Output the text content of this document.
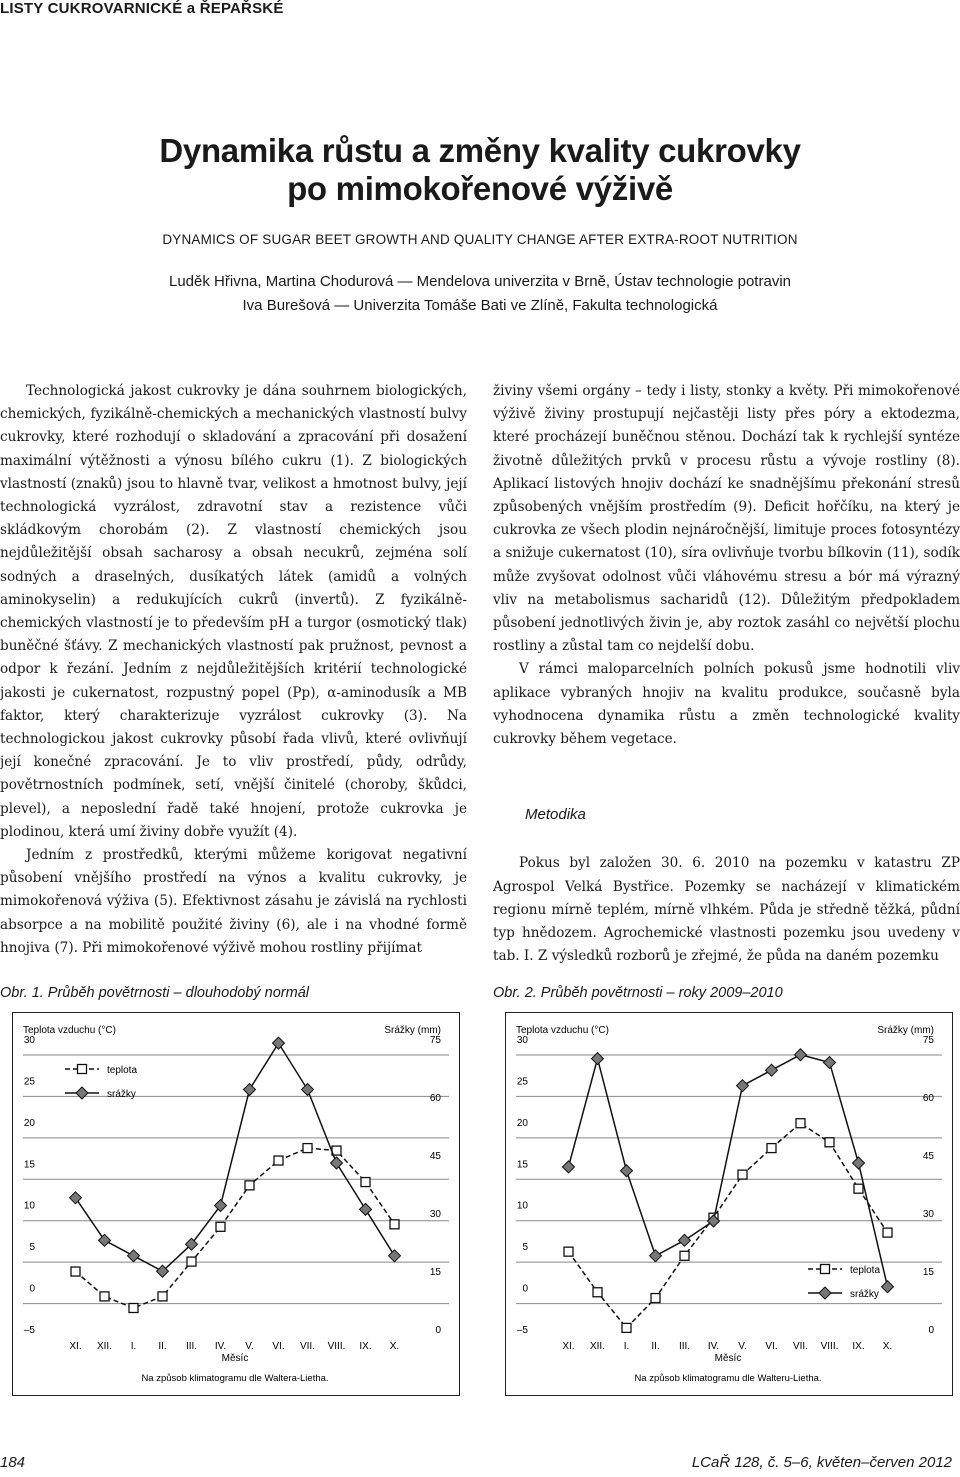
LISTY CUKROVARNICKÉ a ŘEPAŘSKÉ
Dynamika růstu a změny kvality cukrovky
po mimokořenové výživě
DYNAMICS OF SUGAR BEET GROWTH AND QUALITY CHANGE AFTER EXTRA-ROOT NUTRITION
Luděk Hřivna, Martina Chodurová — Mendelova univerzita v Brně, Ústav technologie potravin
Iva Burešová — Univerzita Tomáše Bati ve Zlíně, Fakulta technologická

Technologická jakost cukrovky je dána souhrnem biologických, chemických, fyzikálně-chemických a mechanických vlastností bulvy cukrovky, které rozhodují o skladování a zpracování při dosažení maximální výtěžnosti a výnosu bílého cukru (1). Z biologických vlastností (znaků) jsou to hlavně tvar, velikost a hmotnost bulvy, její technologická vyzrálost, zdravotní stav a rezistence vůči skládkovým chorobám (2). Z vlastností chemických jsou nejdůležitější obsah sacharosy a obsah necukrů, zejména solí sodných a draselných, dusíkatých látek (amidů a volných aminokyselin) a redukujících cukrů (invertů). Z fyzikálně-chemických vlastností je to především pH a turgor (osmotický tlak) buněčné šťávy. Z mechanických vlastností pak pružnost, pevnost a odpor k řezání. Jedním z nejdůležitějších kritérií technologické jakosti je cukernatost, rozpustný popel (Pp), α-aminodusík a MB faktor, který charakterizuje vyzrálost cukrovky (3). Na technologickou jakost cukrovky působí řada vlivů, které ovlivňují její konečné zpracování. Je to vliv prostředí, půdy, odrůdy, povětrnostních podmínek, setí, vnější činitelé (choroby, škůdci, plevel), a neposlední řadě také hnojení, protože cukrovka je plodinou, která umí živiny dobře využít (4).

Jedním z prostředků, kterými můžeme korigovat negativní působení vnějšího prostředí na výnos a kvalitu cukrovky, je mimokořenová výživa (5). Efektivnost zásahu je závislá na rychlosti absorpce a na mobilitě použité živiny (6), ale i na vhodné formě hnojiva (7). Při mimokořenové výživě mohou rostliny přijímat

živiny všemi orgány – tedy i listy, stonky a květy. Při mimokořenové výživě živiny prostupují nejčastěji listy přes póry a ektodezma, které procházejí buněčnou stěnou. Dochází tak k rychlejší syntéze životně důležitých prvků v procesu růstu a vývoje rostliny (8). Aplikací listových hnojiv dochází ke snadnějšímu překonání stresů způsobených vnějším prostředím (9). Deficit hořčíku, na který je cukrovka ze všech plodin nejnáročnější, limituje proces fotosyntézy a snižuje cukernatost (10), síra ovlivňuje tvorbu bílkovin (11), sodík může zvyšovat odolnost vůči vláhovému stresu a bór má výrazný vliv na metabolismus sacharidů (12). Důležitým předpokladem působení jednotlivých živin je, aby roztok zasáhl co největší plochu rostliny a zůstal tam co nejdelší dobu.

V rámci maloparcelních polních pokusů jsme hodnotili vliv aplikace vybraných hnojiv na kvalitu produkce, současně byla vyhodnocena dynamika růstu a změn technologické kvality cukrovky během vegetace.

Metodika

Pokus byl založen 30. 6. 2010 na pozemku v katastru ZP Agrospol Velká Bystřice. Pozemky se nacházejí v klimatickém regionu mírně teplém, mírně vlhkém. Půda je středně těžká, půdní typ hnědozem. Agrochemické vlastnosti pozemku jsou uvedeny v tab. I. Z výsledků rozborů je zřejmé, že půda na daném pozemku

Obr. 1. Průběh povětrnosti – dlouhodobý normál	Obr. 2. Průběh povětrnosti – roky 2009–2010
Teplota vzduchu (°C)	Srážky (mm)
30
25
20
15
10
5
0
–5
75
60
45
30
15
0
XI. XII. I. II. III. IV. V. VI. VII. VIII. IX. X.
Měsíc
Na způsob klimatogramu dle Walterа-Lietha.
teplota
srážky
Teplota vzduchu (°C)	Srážky (mm)
30
25
20
15
10
5
0
–5
75
60
45
30
15
0
XI. XII. I. II. III. IV. V. VI. VII. VIII. IX. X.
Měsíc
Na způsob klimatogramu dle Walteru-Lietha.
teplota
srážky
184	LCaŘ 128, č. 5–6, květen–červen 2012
